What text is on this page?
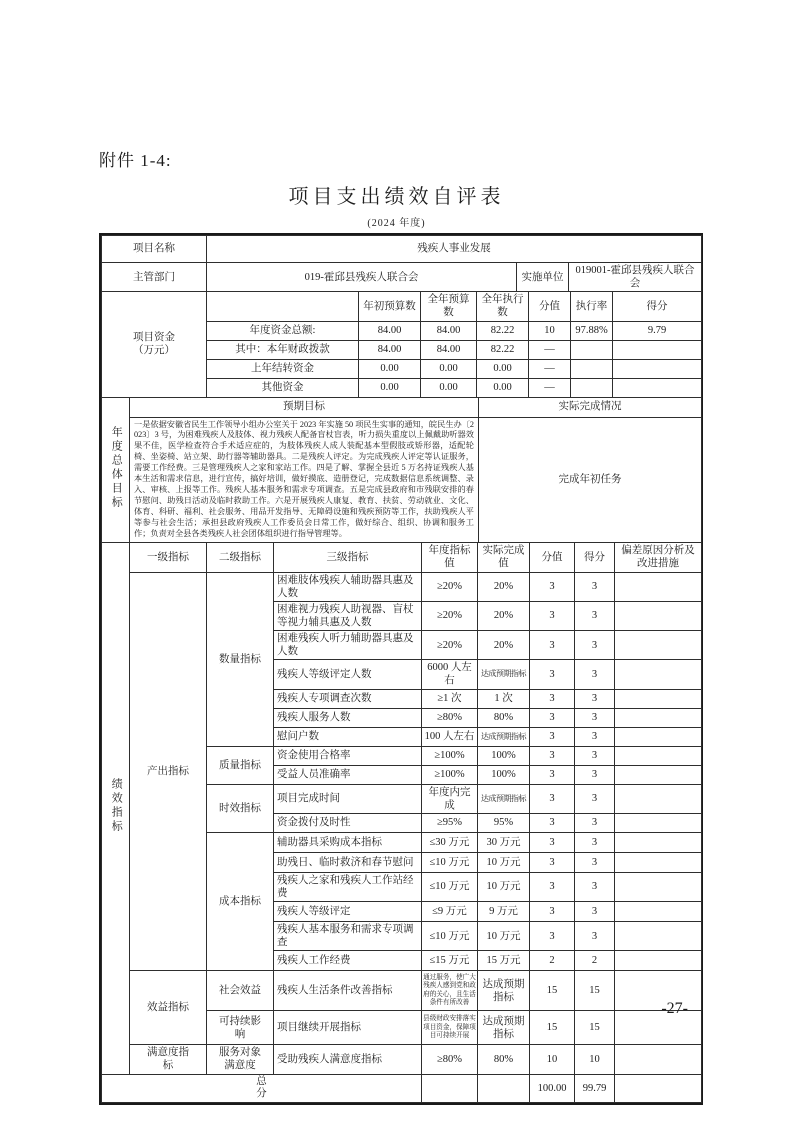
附件 1-4:
项目支出绩效自评表
(2024 年度)
项目名称	残疾人事业发展		
主管部门	019-霍邱县残疾人联合会	实施单位	019001-霍邱县残疾人联合会
项目资金
（万元）		年初预算数	全年预算数	全年执行数	分值	执行率	得分
	年度资金总额:	84.00	84.00	82.22	10	97.88%	9.79
	其中：本年财政拨款	84.00	84.00	82.22	—		
	上年结转资金	0.00	0.00	0.00	—		
	其他资金	0.00	0.00	0.00	—		
年度总体目标	预期目标	实际完成情况
	一是依据安徽省民生工作领导小组办公室关于 2023 年实施 50 项民生实事的通知，皖民生办〔2023〕3 号，为困难残疾人及肢体、视力残疾人配备盲杖盲表，听力损失重度以上佩戴助听器效果不佳，医学检查符合手术适应症的，为肢体残疾人成人装配基本型假肢或矫形器，适配轮椅、坐姿椅、站立架、助行器等辅助器具。二是残疾人评定。为完成残疾人评定等认证服务，需要工作经费。三是管理残疾人之家和家站工作。四是了解、掌握全县近 5 万名持证残疾人基本生活和需求信息，进行宣传，搞好培训，做好摸底、造册登记，完成数据信息系统调整、录入、审核、上报等工作。残疾人基本服务和需求专项调查。五是完成县政府和市残联安排的春节慰问、助残日活动及临时救助工作。六是开展残疾人康复、教育、扶贫、劳动就业、文化、体育、科研、福利、社会服务、用品开发指导、无障碍设施和残疾预防等工作，扶助残疾人平等参与社会生活；承担县政府残疾人工作委员会日常工作，做好综合、组织、协调和服务工作；负责对全县各类残疾人社会团体组织进行指导管理等。	完成年初任务
绩效指标	一级指标	二级指标	三级指标	年度指标值	实际完成值	分值	得分	偏差原因分析及改进措施
	产出指标	数量指标	困难肢体残疾人辅助器具惠及人数	≥20%	20%	3	3	
			困难视力残疾人助视器、盲杖等视力辅具惠及人数	≥20%	20%	3	3	
			困难残疾人听力辅助器具惠及人数	≥20%	20%	3	3	
			残疾人等级评定人数	6000 人左右	达成预期指标	3	3	
			残疾人专项调查次数	≥1 次	1 次	3	3	
			残疾人服务人数	≥80%	80%	3	3	
			慰问户数	100 人左右	达成预期指标	3	3	
		质量指标	资金使用合格率	≥100%	100%	3	3	
			受益人员准确率	≥100%	100%	3	3	
		时效指标	项目完成时间	年度内完成	达成预期指标	3	3	
			资金拨付及时性	≥95%	95%	3	3	
		成本指标	辅助器具采购成本指标	≤30 万元	30 万元	3	3	
			助残日、临时救济和春节慰问	≤10 万元	10 万元	3	3	
			残疾人之家和残疾人工作站经费	≤10 万元	10 万元	3	3	
			残疾人等级评定	≤9 万元	9 万元	3	3	
			残疾人基本服务和需求专项调查	≤10 万元	10 万元	3	3	
			残疾人工作经费	≤15 万元	15 万元	2	2	
	效益指标	社会效益	残疾人生活条件改善指标	通过服务，使广大残疾人感到党和政府的关心，且生活条件有所改善	达成预期指标	15	15	
		可持续影响	项目继续开展指标	县级财政安排落实项目资金，保障项目可持续开展	达成预期指标	15	15	
	满意度指标	服务对象满意度	受助残疾人满意度指标	≥80%	80%	10	10	
总分						100.00	99.79	
-27-
